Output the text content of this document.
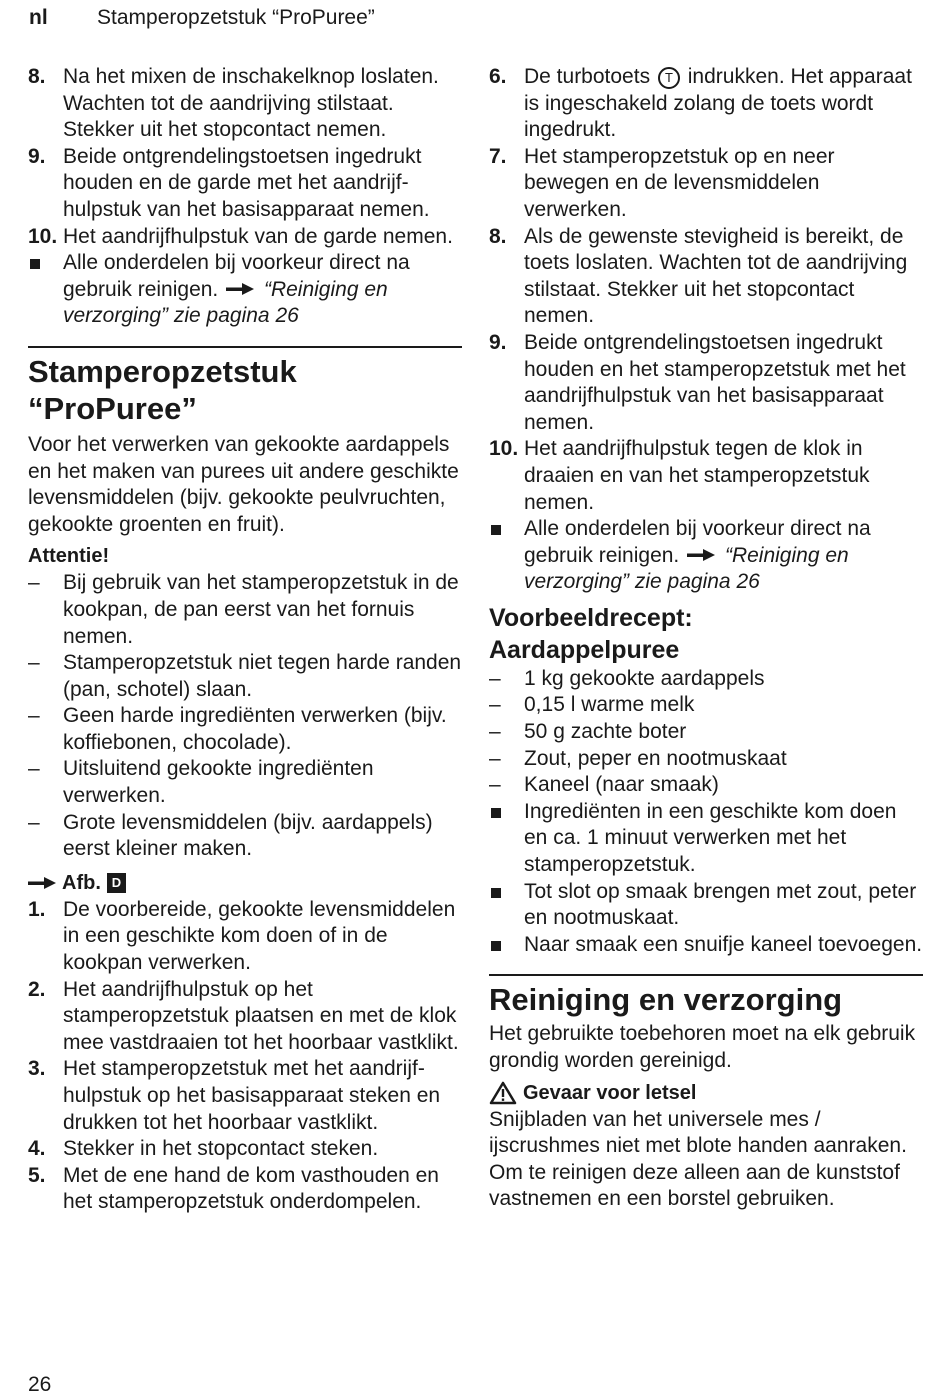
nl Stamperopzetstuk “ProPuree”
8. Na het mixen de inschakelknop loslaten. Wachten tot de aandrijving stilstaat. Stekker uit het stopcontact nemen.
9. Beide ontgrendelingstoetsen ingedrukt houden en de garde met het aandrijfhulpstuk van het basisapparaat nemen.
10. Het aandrijfhulpstuk van de garde nemen.
Alle onderdelen bij voorkeur direct na gebruik reinigen. “Reiniging en verzorging” zie pagina 26
Stamperopzetstuk
“ProPuree”
Voor het verwerken van gekookte aardappels en het maken van purees uit andere geschikte levensmiddelen (bijv. gekookte peulvruchten, gekookte groenten en fruit).
Attentie!
–	Bij gebruik van het stamperopzetstuk in de kookpan, de pan eerst van het fornuis nemen.
–	Stamperopzetstuk niet tegen harde randen (pan, schotel) slaan.
–	Geen harde ingrediënten verwerken (bijv. koffiebonen, chocolade).
–	Uitsluitend gekookte ingrediënten verwerken.
–	Grote levensmiddelen (bijv. aardappels) eerst kleiner maken.
Afb. D
1. De voorbereide, gekookte levensmiddelen in een geschikte kom doen of in de kookpan verwerken.
2. Het aandrijfhulpstuk op het stamperopzetstuk plaatsen en met de klok mee vastdraaien tot het hoorbaar vastklikt.
3. Het stamperopzetstuk met het aandrijfhulpstuk op het basisapparaat steken en drukken tot het hoorbaar vastklikt.
4. Stekker in het stopcontact steken.
5. Met de ene hand de kom vasthouden en het stamperopzetstuk onderdompelen.
6. De turbotoets T indrukken. Het apparaat is ingeschakeld zolang de toets wordt ingedrukt.
7. Het stamperopzetstuk op en neer bewegen en de levensmiddelen verwerken.
8. Als de gewenste stevigheid is bereikt, de toets loslaten. Wachten tot de aandrijving stilstaat. Stekker uit het stopcontact nemen.
9. Beide ontgrendelingstoetsen ingedrukt houden en het stamperopzetstuk met het aandrijfhulpstuk van het basisapparaat nemen.
10. Het aandrijfhulpstuk tegen de klok in draaien en van het stamperopzetstuk nemen.
Alle onderdelen bij voorkeur direct na gebruik reinigen. “Reiniging en verzorging” zie pagina 26
Voorbeeldrecept:
Aardappelpuree
–	1 kg gekookte aardappels
–	0,15 l warme melk
–	50 g zachte boter
–	Zout, peper en nootmuskaat
–	Kaneel (naar smaak)
Ingrediënten in een geschikte kom doen en ca. 1 minuut verwerken met het stamperopzetstuk.
Tot slot op smaak brengen met zout, peter en nootmuskaat.
Naar smaak een snuifje kaneel toevoegen.
Reiniging en verzorging
Het gebruikte toebehoren moet na elk gebruik grondig worden gereinigd.
Gevaar voor letsel
Snijbladen van het universele mes / ijscrushmes niet met blote handen aanraken. Om te reinigen deze alleen aan de kunststof vastnemen en een borstel gebruiken.
26
